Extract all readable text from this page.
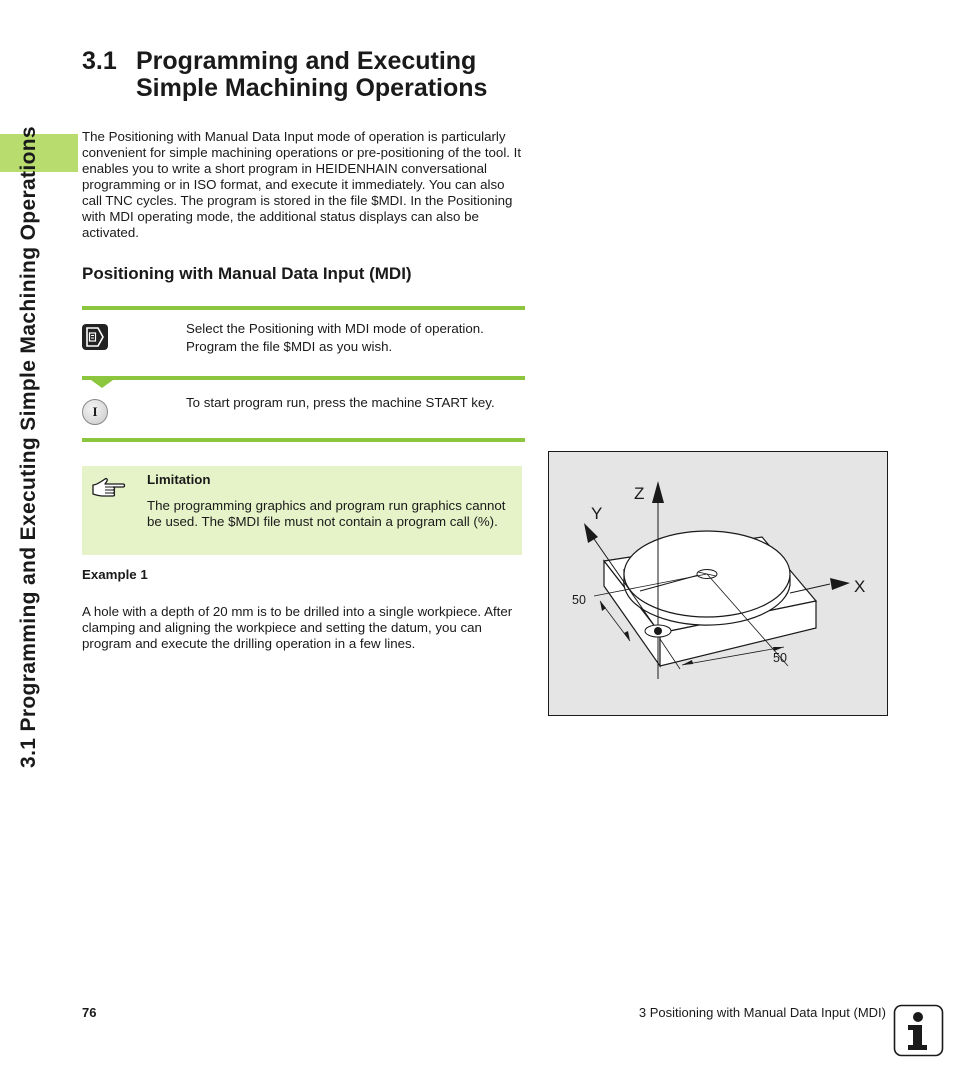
3.1 Programming and Executing Simple Machining Operations
3.1 Programming and Executing Simple Machining Operations

The Positioning with Manual Data Input mode of operation is particularly convenient for simple machining operations or pre-positioning of the tool. It enables you to write a short program in HEIDENHAIN conversational programming or in ISO format, and execute it immediately. You can also call TNC cycles. The program is stored in the file $MDI. In the Positioning with MDI operating mode, the additional status displays can also be activated.

Positioning with Manual Data Input (MDI)
Select the Positioning with MDI mode of operation. Program the file $MDI as you wish.
I
To start program run, press the machine START key.
Limitation
The programming graphics and program run graphics cannot be used. The $MDI file must not contain a program call (%).
Example 1
A hole with a depth of 20 mm is to be drilled into a single workpiece. After clamping and aligning the workpiece and setting the datum, you can program and execute the drilling operation in a few lines.
Z
Y
X
50
50
76	3 Positioning with Manual Data Input (MDI)
